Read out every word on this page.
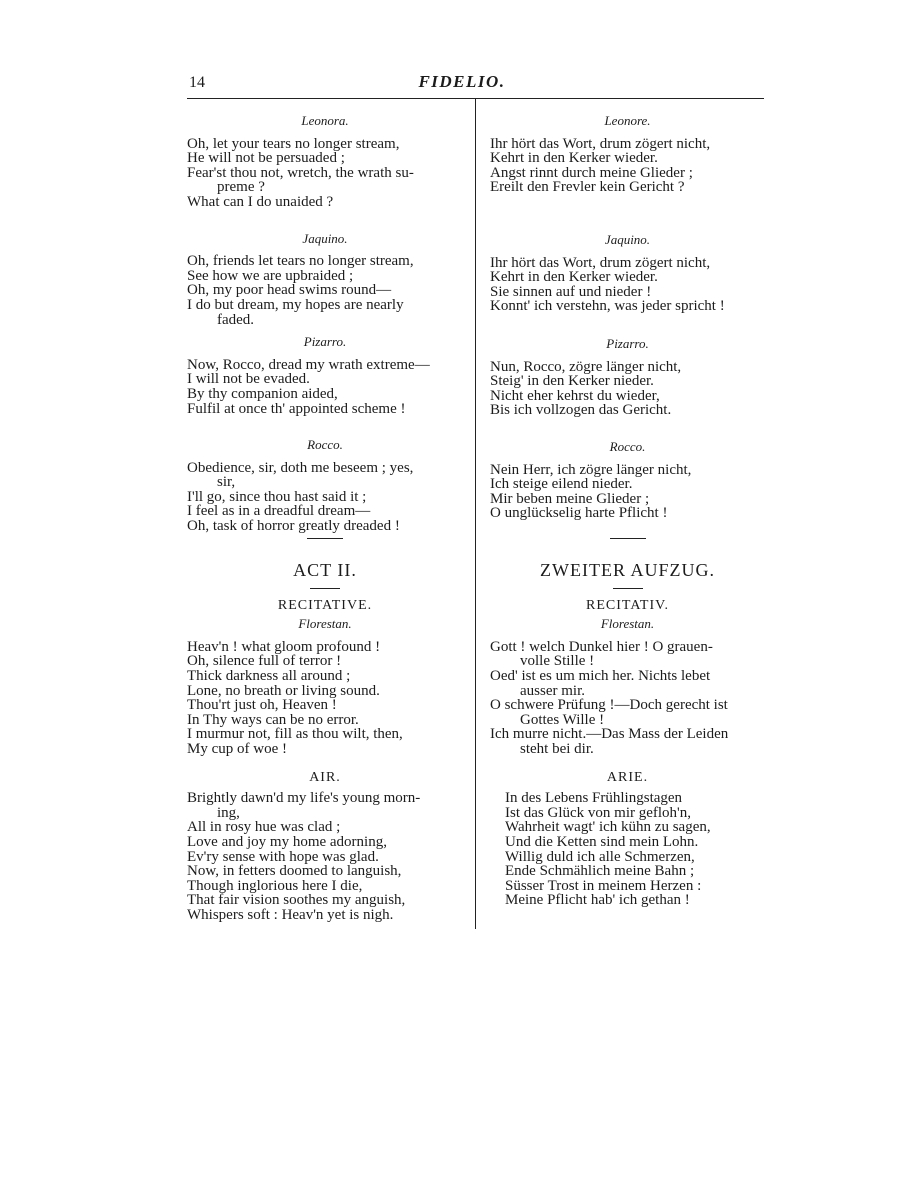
14	FIDELIO.
Leonora.
Oh, let your tears no longer stream,
He will not be persuaded ;
Fear'st thou not, wretch, the wrath su-
preme ?
What can I do unaided ?
Jaquino.
Oh, friends let tears no longer stream,
See how we are upbraided ;
Oh, my poor head swims round—
I do but dream, my hopes are nearly
faded.
Pizarro.
Now, Rocco, dread my wrath extreme—
I will not be evaded.
By thy companion aided,
Fulfil at once th' appointed scheme !
Rocco.
Obedience, sir, doth me beseem ; yes,
sir,
I'll go, since thou hast said it ;
I feel as in a dreadful dream—
Oh, task of horror greatly dreaded !
ACT II.
RECITATIVE.
Florestan.
Heav'n ! what gloom profound !
Oh, silence full of terror !
Thick darkness all around ;
Lone, no breath or living sound.
Thou'rt just oh, Heaven !
In Thy ways can be no error.
I murmur not, fill as thou wilt, then,
My cup of woe !
AIR.
Brightly dawn'd my life's young morn-
ing,
All in rosy hue was clad ;
Love and joy my home adorning,
Ev'ry sense with hope was glad.
Now, in fetters doomed to languish,
Though inglorious here I die,
That fair vision soothes my anguish,
Whispers soft : Heav'n yet is nigh.
Leonore.
Ihr hört das Wort, drum zögert nicht,
Kehrt in den Kerker wieder.
Angst rinnt durch meine Glieder ;
Ereilt den Frevler kein Gericht ?
Jaquino.
Ihr hört das Wort, drum zögert nicht,
Kehrt in den Kerker wieder.
Sie sinnen auf und nieder !
Konnt' ich verstehn, was jeder spricht !
Pizarro.
Nun, Rocco, zögre länger nicht,
Steig' in den Kerker nieder.
Nicht eher kehrst du wieder,
Bis ich vollzogen das Gericht.
Rocco.
Nein Herr, ich zögre länger nicht,
Ich steige eilend nieder.
Mir beben meine Glieder ;
O unglückselig harte Pflicht !
ZWEITER AUFZUG.
RECITATIV.
Florestan.
Gott ! welch Dunkel hier ! O grauen-
volle Stille !
Oed' ist es um mich her. Nichts lebet
ausser mir.
O schwere Prüfung !—Doch gerecht ist
Gottes Wille !
Ich murre nicht.—Das Mass der Leiden
steht bei dir.
ARIE.
In des Lebens Frühlingstagen
Ist das Glück von mir gefloh'n,
Wahrheit wagt' ich kühn zu sagen,
Und die Ketten sind mein Lohn.
Willig duld ich alle Schmerzen,
Ende Schmählich meine Bahn ;
Süsser Trost in meinem Herzen :
Meine Pflicht hab' ich gethan !
